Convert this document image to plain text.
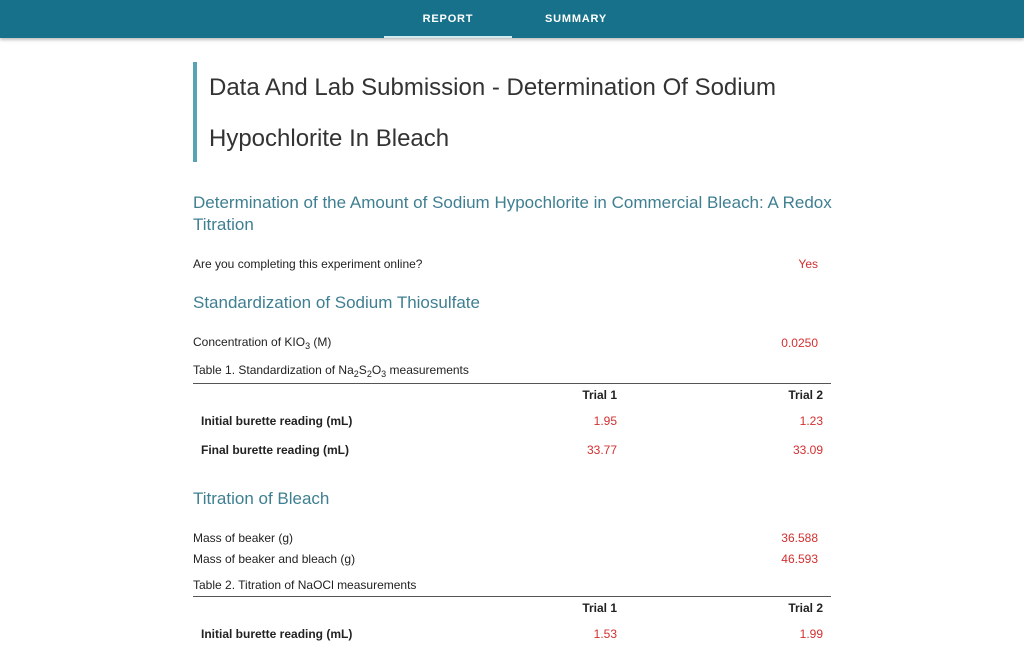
REPORT	SUMMARY
Data And Lab Submission - Determination Of Sodium Hypochlorite In Bleach
Determination of the Amount of Sodium Hypochlorite in Commercial Bleach: A Redox Titration
Are you completing this experiment online?	Yes
Standardization of Sodium Thiosulfate
Concentration of $KIO_3$ (M)	0.0250
Table 1. Standardization of $Na_2S_2O_3$ measurements
	Trial 1	Trial 2
Initial burette reading (mL)	1.95	1.23
Final burette reading (mL)	33.77	33.09
Titration of Bleach
Mass of beaker (g)	36.588
Mass of beaker and bleach (g)	46.593
Table 2. Titration of NaOCl measurements
	Trial 1	Trial 2
Initial burette reading (mL)	1.53	1.99
